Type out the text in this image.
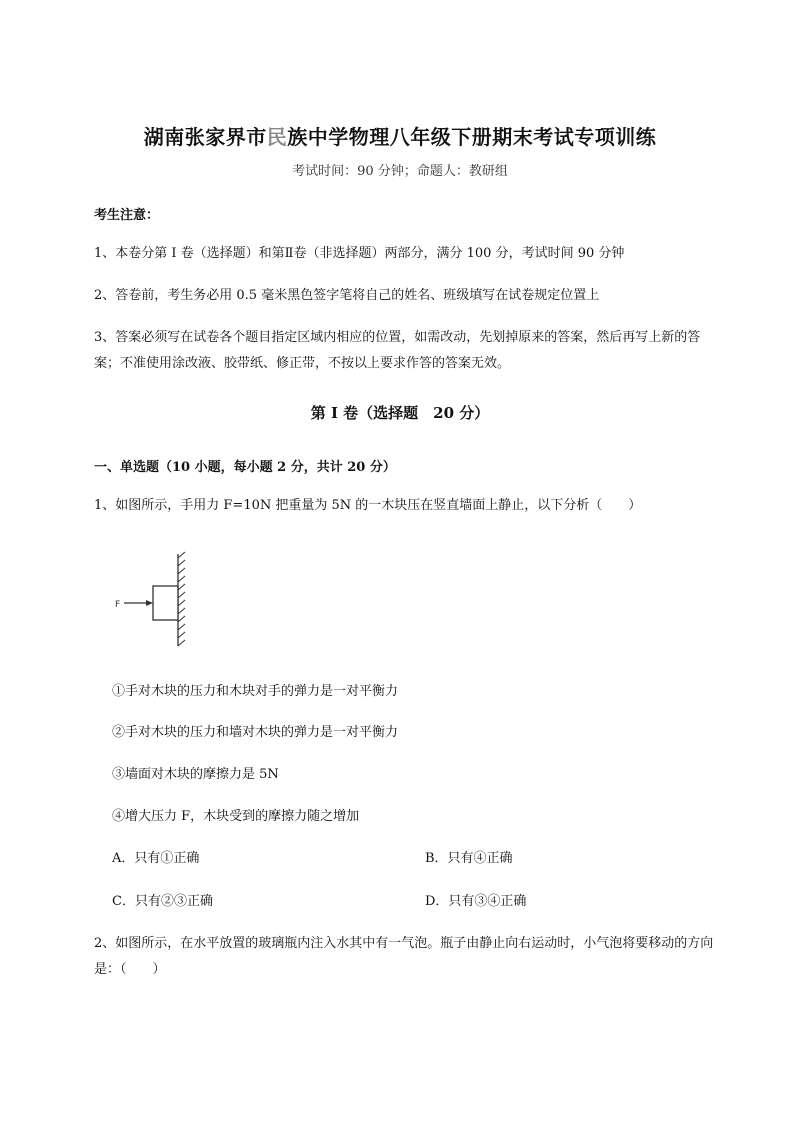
湖南张家界市民族中学物理八年级下册期末考试专项训练
考试时间：90 分钟；命题人：教研组
考生注意：
1、本卷分第 I 卷（选择题）和第Ⅱ卷（非选择题）两部分，满分 100 分，考试时间 90 分钟
2、答卷前，考生务必用 0.5 毫米黑色签字笔将自己的姓名、班级填写在试卷规定位置上
3、答案必须写在试卷各个题目指定区域内相应的位置，如需改动，先划掉原来的答案，然后再写上新的答案；不准使用涂改液、胶带纸、修正带，不按以上要求作答的答案无效。
第 I 卷（选择题　20 分）
一、单选题（10 小题，每小题 2 分，共计 20 分）
1、如图所示，手用力 F=10N 把重量为 5N 的一木块压在竖直墙面上静止，以下分析（　　）
F
①手对木块的压力和木块对手的弹力是一对平衡力
②手对木块的压力和墙对木块的弹力是一对平衡力
③墙面对木块的摩擦力是 5N
④增大压力 F，木块受到的摩擦力随之增加
A．只有①正确	B．只有④正确
C．只有②③正确	D．只有③④正确
2、如图所示，在水平放置的玻璃瓶内注入水其中有一气泡。瓶子由静止向右运动时，小气泡将要移动的方向是：（　　）
